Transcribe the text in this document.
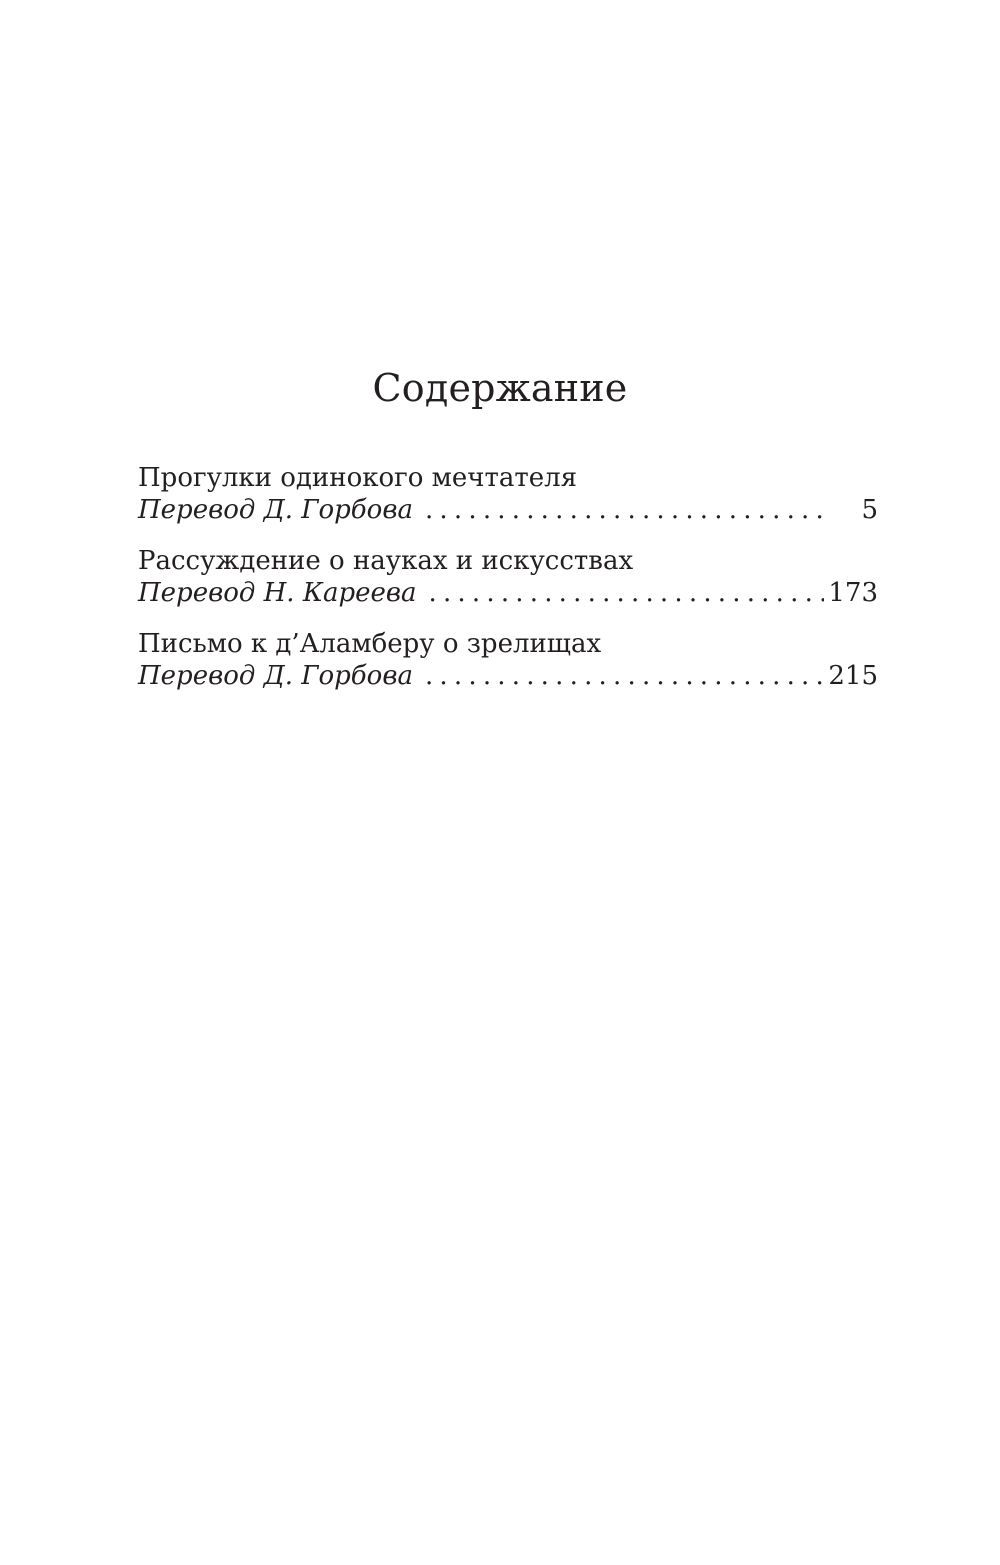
Содержание
Прогулки одинокого мечтателя
Перевод Д. Горбова .....	5
Рассуждение о науках и искусствах
Перевод Н. Кареева .....	173
Письмо к д’Аламберу о зрелищах
Перевод Д. Горбова .....	215
